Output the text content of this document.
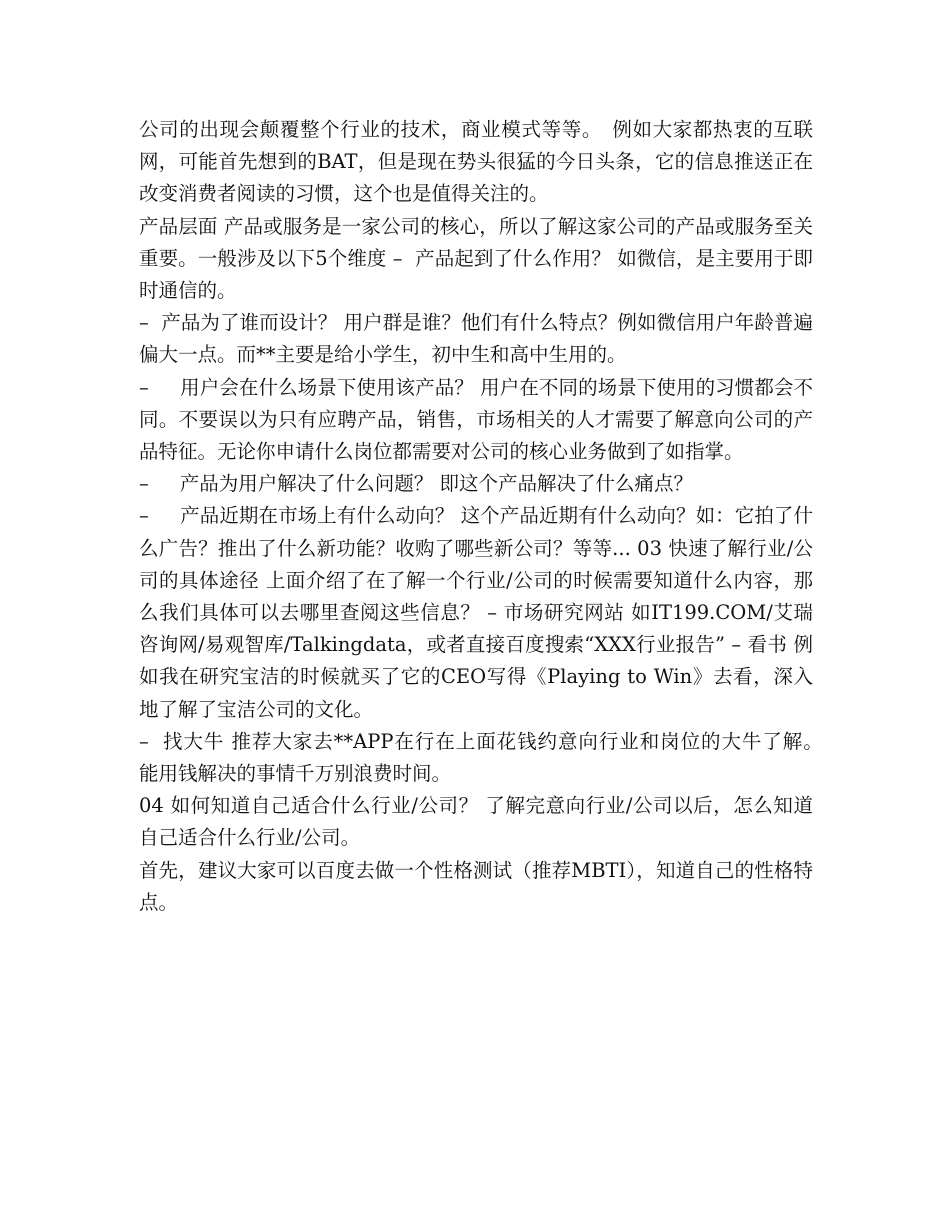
公司的出现会颠覆整个行业的技术，商业模式等等。　例如大家都热衷的互联网，可能首先想到的BAT，但是现在势头很猛的今日头条，它的信息推送正在改变消费者阅读的习惯，这个也是值得关注的。

产品层面 产品或服务是一家公司的核心，所以了解这家公司的产品或服务至关重要。一般涉及以下5个维度 –  产品起到了什么作用？ 如微信，是主要用于即时通信的。

–  产品为了谁而设计？ 用户群是谁？他们有什么特点？例如微信用户年龄普遍偏大一点。而**主要是给小学生，初中生和高中生用的。

–     用户会在什么场景下使用该产品？ 用户在不同的场景下使用的习惯都会不同。不要误以为只有应聘产品，销售，市场相关的人才需要了解意向公司的产品特征。无论你申请什么岗位都需要对公司的核心业务做到了如指掌。

–     产品为用户解决了什么问题？ 即这个产品解决了什么痛点？

–     产品近期在市场上有什么动向？ 这个产品近期有什么动向？如：它拍了什么广告？推出了什么新功能？收购了哪些新公司？等等... 03 快速了解行业/公司的具体途径 上面介绍了在了解一个行业/公司的时候需要知道什么内容，那么我们具体可以去哪里查阅这些信息？ – 市场研究网站 如IT199.COM/艾瑞咨询网/易观智库/Talkingdata，或者直接百度搜索“XXX行业报告” – 看书 例如我在研究宝洁的时候就买了它的CEO写得《Playing to Win》去看，深入地了解了宝洁公司的文化。

–  找大牛 推荐大家去**APP在行在上面花钱约意向行业和岗位的大牛了解。　能用钱解决的事情千万别浪费时间。

04 如何知道自己适合什么行业/公司？ 了解完意向行业/公司以后，怎么知道自己适合什么行业/公司。

首先，建议大家可以百度去做一个性格测试（推荐MBTI），知道自己的性格特点。
